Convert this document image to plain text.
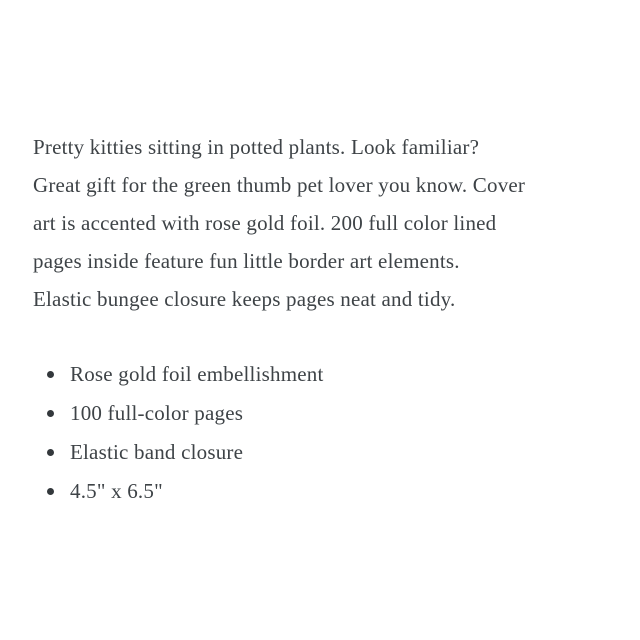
Pretty kitties sitting in potted plants. Look familiar?
Great gift for the green thumb pet lover you know. Cover
art is accented with rose gold foil. 200 full color lined
pages inside feature fun little border art elements.
Elastic bungee closure keeps pages neat and tidy.
Rose gold foil embellishment
100 full-color pages
Elastic band closure
4.5" x 6.5"
